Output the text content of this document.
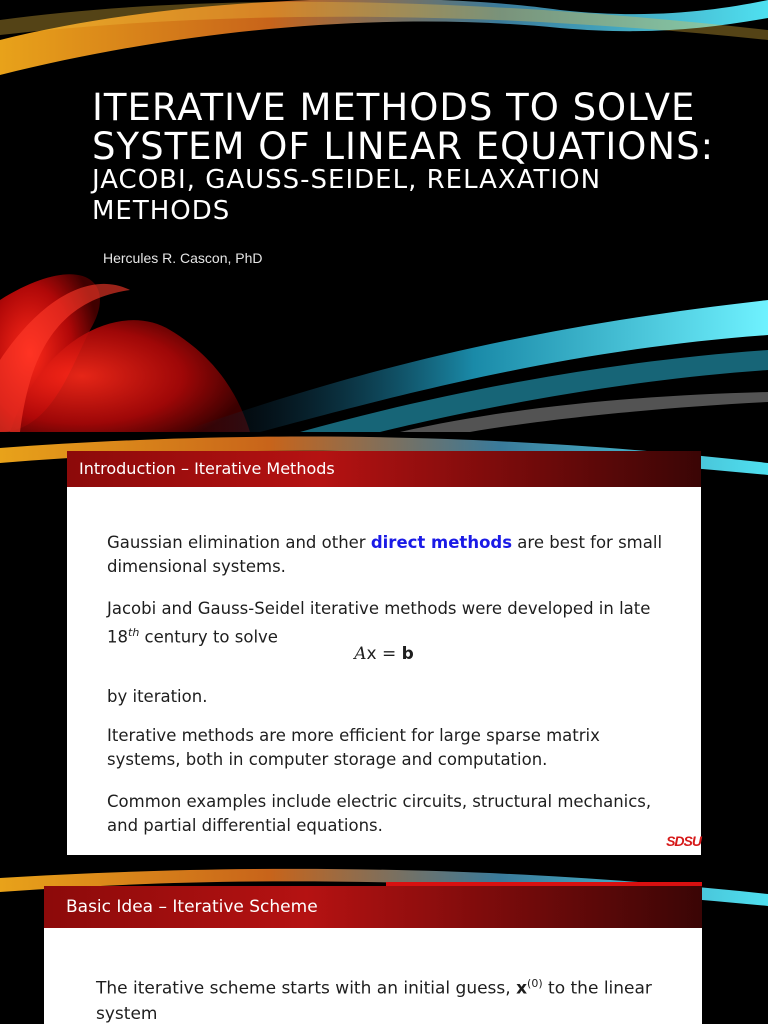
ITERATIVE METHODS TO SOLVE
SYSTEM OF LINEAR EQUATIONS:
JACOBI, GAUSS-SEIDEL, RELAXATION
METHODS
Hercules R. Cascon, PhD
Introduction – Iterative Methods

Gaussian elimination and other direct methods are best for small
dimensional systems.

Jacobi and Gauss-Seidel iterative methods were developed in late
18th century to solve

Ax = b

by iteration.

Iterative methods are more efficient for large sparse matrix
systems, both in computer storage and computation.

Common examples include electric circuits, structural mechanics,
and partial differential equations.

SDSU
Basic Idea – Iterative Scheme

The iterative scheme starts with an initial guess, $x^{(0)}$ to the linear
system
